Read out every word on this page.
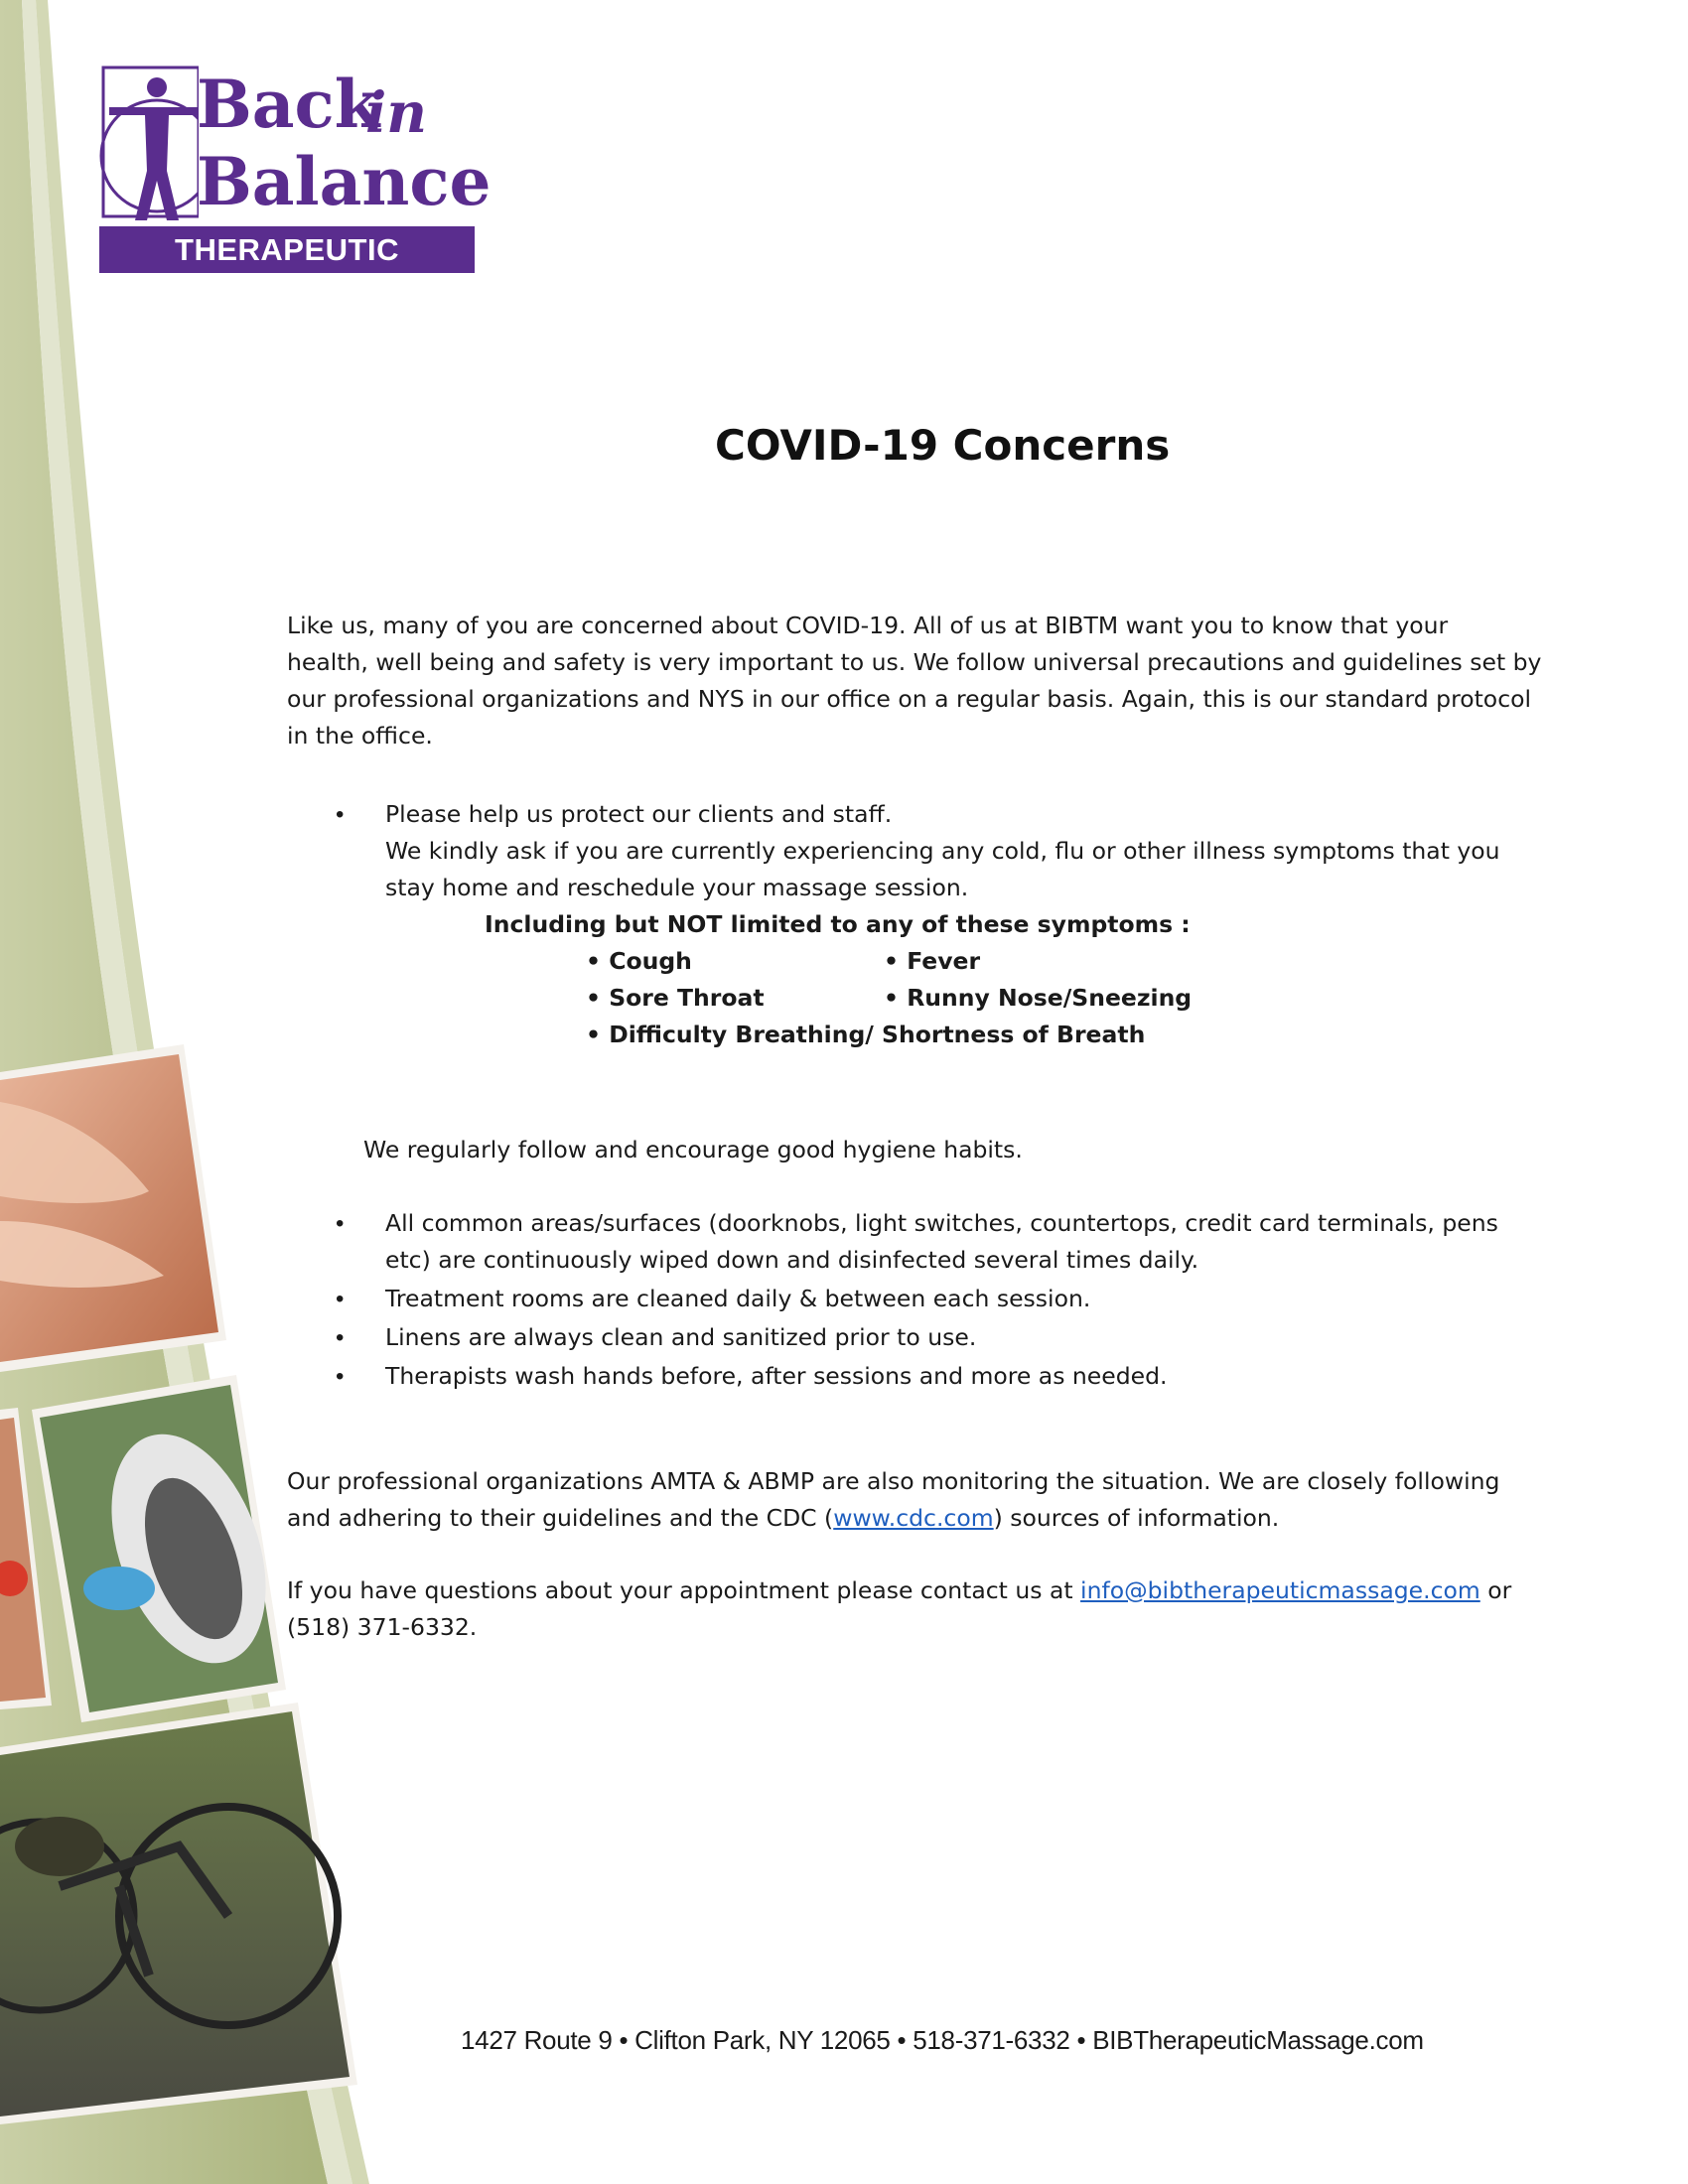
Back
in
Balance
THERAPEUTIC MASSAGE
COVID-19 Concerns
Like us, many of you are concerned about COVID-19. All of us at BIBTM want you to know that your
health, well being and safety is very important to us. We follow universal precautions and guidelines set by
our professional organizations and NYS in our office on a regular basis. Again, this is our standard protocol
in the office.
• Please help us protect our clients and staff.
We kindly ask if you are currently experiencing any cold, flu or other illness symptoms that you
stay home and reschedule your massage session.
Including but NOT limited to any of these symptoms :
• Cough	• Fever
• Sore Throat	• Runny Nose/Sneezing
• Difficulty Breathing/ Shortness of Breath
We regularly follow and encourage good hygiene habits.
• All common areas/surfaces (doorknobs, light switches, countertops, credit card terminals, pens
etc) are continuously wiped down and disinfected several times daily.
• Treatment rooms are cleaned daily & between each session.
• Linens are always clean and sanitized prior to use.
• Therapists wash hands before, after sessions and more as needed.
Our professional organizations AMTA & ABMP are also monitoring the situation. We are closely following
and adhering to their guidelines and the CDC (www.cdc.com) sources of information.
If you have questions about your appointment please contact us at info@bibtherapeuticmassage.com or
(518) 371-6332.
1427 Route 9 • Clifton Park, NY 12065 • 518-371-6332 • BIBTherapeuticMassage.com
